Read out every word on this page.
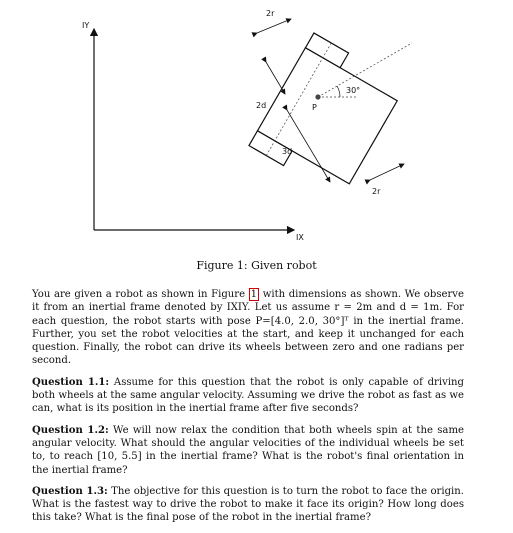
IY
IX
2r
2d
3d
P
30°
2r
Figure 1: Given robot

You are given a robot as shown in Figure 1 with dimensions as shown. We observe it from an inertial frame denoted by IXIY. Let us assume r = 2m and d = 1m. For each question, the robot starts with pose P=[4.0, 2.0, 30°]ᵀ in the inertial frame. Further, you set the robot velocities at the start, and keep it unchanged for each question. Finally, the robot can drive its wheels between zero and one radians per second.

Question 1.1: Assume for this question that the robot is only capable of driving both wheels at the same angular velocity. Assuming we drive the robot as fast as we can, what is its position in the inertial frame after five seconds?

Question 1.2: We will now relax the condition that both wheels spin at the same angular velocity. What should the angular velocities of the individual wheels be set to, to reach [10, 5.5] in the inertial frame? What is the robot's final orientation in the inertial frame?

Question 1.3: The objective for this question is to turn the robot to face the origin. What is the fastest way to drive the robot to make it face its origin? How long does this take? What is the final pose of the robot in the inertial frame?
